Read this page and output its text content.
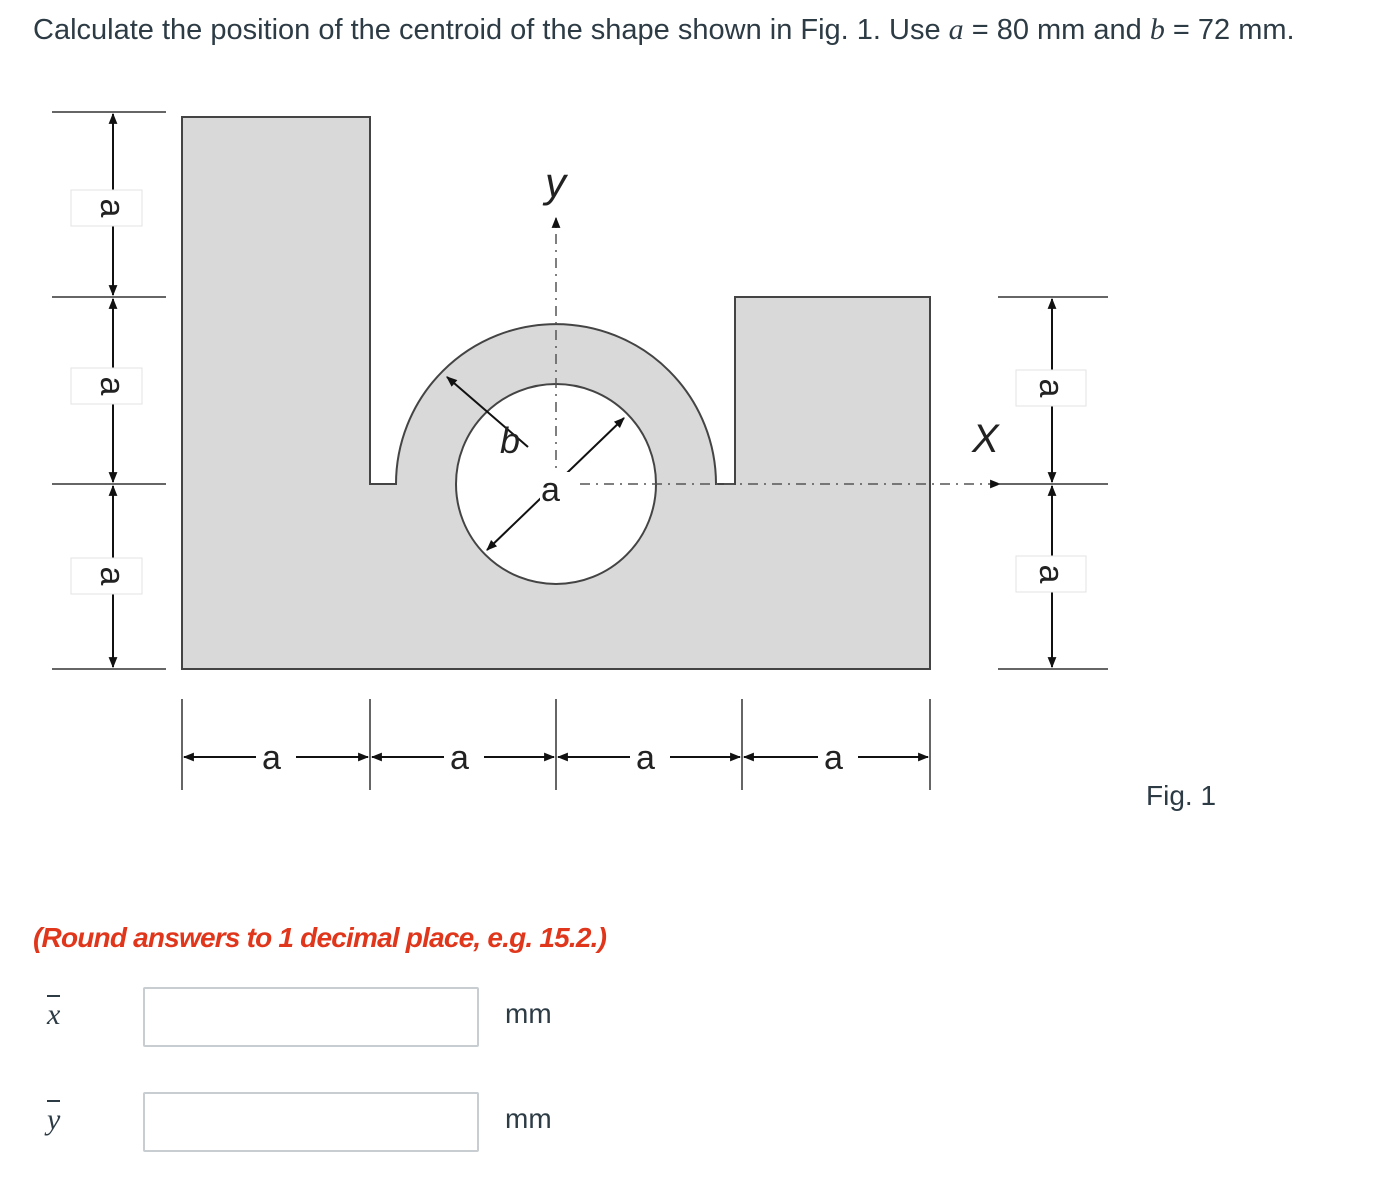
Calculate the position of the centroid of the shape shown in Fig. 1. Use a = 80 mm and b = 72 mm.
y
X
b
a
a	a	a	a
a
a
a
a
a
Fig. 1
(Round answers to 1 decimal place, e.g. 15.2.)
x	mm
y	mm
